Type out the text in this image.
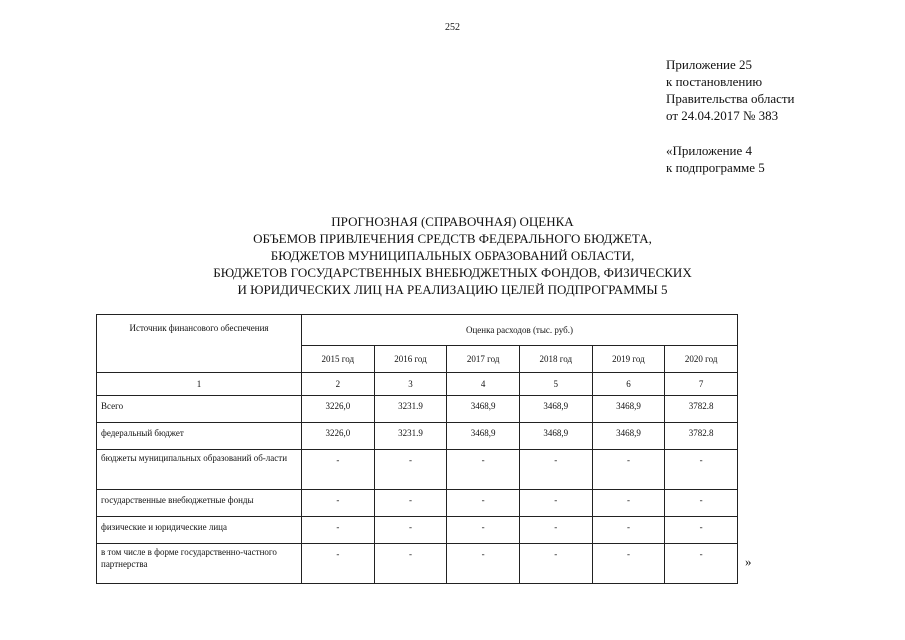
252
Приложение 25
к постановлению
Правительства области
от 24.04.2017 № 383
«Приложение 4
к подпрограмме 5
ПРОГНОЗНАЯ (СПРАВОЧНАЯ) ОЦЕНКА
ОБЪЕМОВ ПРИВЛЕЧЕНИЯ СРЕДСТВ ФЕДЕРАЛЬНОГО БЮДЖЕТА,
БЮДЖЕТОВ МУНИЦИПАЛЬНЫХ ОБРАЗОВАНИЙ ОБЛАСТИ,
БЮДЖЕТОВ ГОСУДАРСТВЕННЫХ ВНЕБЮДЖЕТНЫХ ФОНДОВ, ФИЗИЧЕСКИХ
И ЮРИДИЧЕСКИХ ЛИЦ НА РЕАЛИЗАЦИЮ ЦЕЛЕЙ ПОДПРОГРАММЫ 5
Источник финансового обеспечения	Оценка расходов (тыс. руб.)					
	2015 год	2016 год	2017 год	2018 год	2019 год	2020 год
1	2	3	4	5	6	7
Всего	3226,0	3231.9	3468,9	3468,9	3468,9	3782.8
федеральный бюджет	3226,0	3231.9	3468,9	3468,9	3468,9	3782.8
бюджеты муниципальных образований об-ласти	-	-	-	-	-	-
государственные внебюджетные фонды	-	-	-	-	-	-
физические и юридические лица	-	-	-	-	-	-
в том числе в форме государственно-частного партнерства	-	-	-	-	-	-	»
